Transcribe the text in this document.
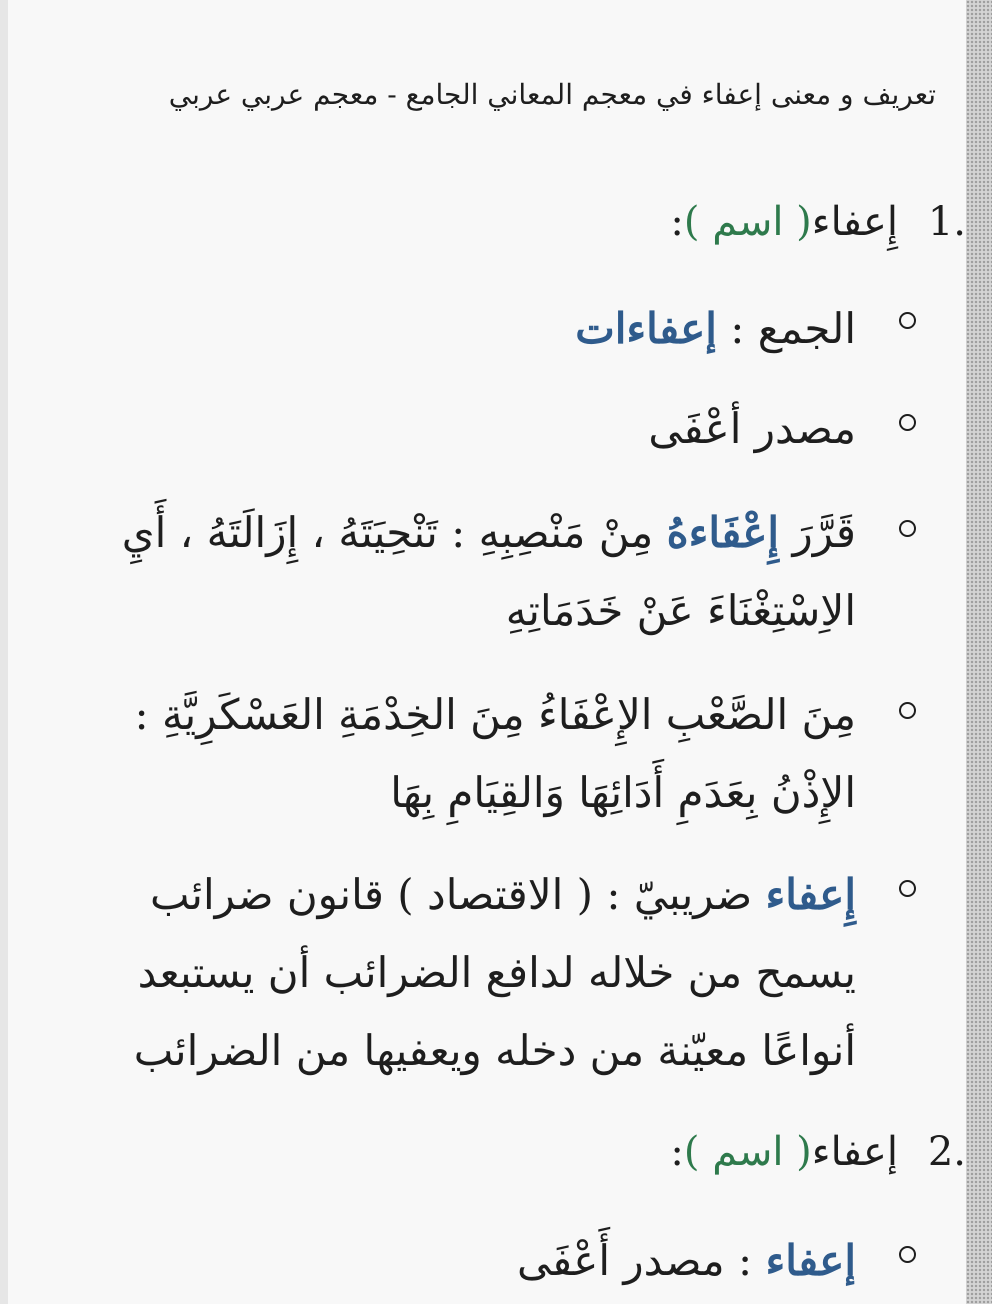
تعريف و معنى إعفاء في معجم المعاني الجامع - معجم عربي عربي
1.
إِعفاء( اسم ):
الجمع : إعفاءات
مصدر أعْفَى
قَرَّرَ إِعْفَاءهُ مِنْ مَنْصِبِهِ : تَنْحِيَتَهُ ، إِزَالَتَهُ ، أَيِ الاِسْتِغْنَاءَ عَنْ خَدَمَاتِهِ
مِنَ الصَّعْبِ الإِعْفَاءُ مِنَ الخِدْمَةِ العَسْكَرِيَّةِ : الإِذْنُ بِعَدَمِ أَدَائِهَا وَالقِيَامِ بِهَا
إِعفاء ضريبيّ : ( الاقتصاد ) قانون ضرائب يسمح من خلاله لدافع الضرائب أن يستبعد أنواعًا معيّنة من دخله ويعفيها من الضرائب
2.
إعفاء( اسم ):
إعفاء : مصدر أَعْفَى
